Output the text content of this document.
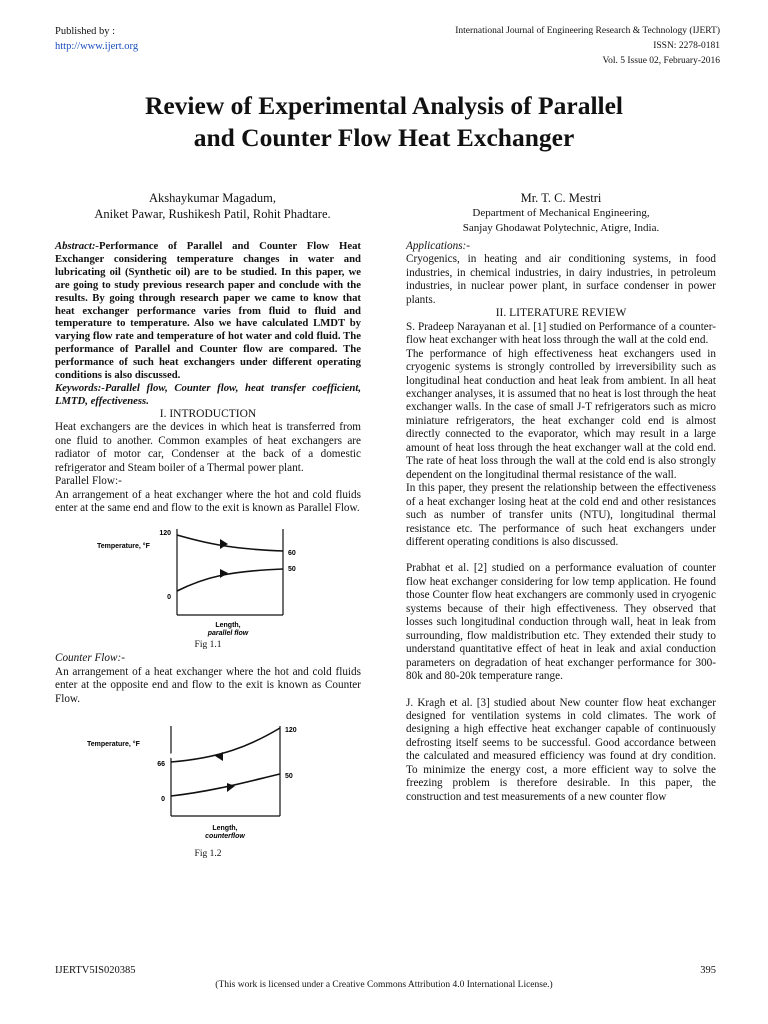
Published by :
http://www.ijert.org
International Journal of Engineering Research & Technology (IJERT)
ISSN: 2278-0181
Vol. 5 Issue 02, February-2016
Review of Experimental Analysis of Parallel
and Counter Flow Heat Exchanger
Akshaykumar Magadum,
Aniket Pawar, Rushikesh Patil, Rohit Phadtare.
Mr. T. C. Mestri
Department of Mechanical Engineering,
Sanjay Ghodawat Polytechnic, Atigre, India.

Abstract:-Performance of Parallel and Counter Flow Heat Exchanger considering temperature changes in water and lubricating oil (Synthetic oil) are to be studied. In this paper, we are going to study previous research paper and conclude with the results. By going through research paper we came to know that heat exchanger performance varies from fluid to fluid and temperature to temperature. Also we have calculated LMDT by varying flow rate and temperature of hot water and cold fluid. The performance of Parallel and Counter flow are compared. The performance of such heat exchangers under different operating conditions is also discussed.

Keywords:-Parallel flow, Counter flow, heat transfer coefficient, LMTD, effectiveness.

I. INTRODUCTION

Heat exchangers are the devices in which heat is transferred from one fluid to another. Common examples of heat exchangers are radiator of motor car, Condenser at the back of a domestic refrigerator and Steam boiler of a Thermal power plant.

Parallel Flow:-

An arrangement of a heat exchanger where the hot and cold fluids enter at the same end and flow to the exit is known as Parallel Flow.

Temperature, °F
120
0
60
50
Length,
parallel flow
Fig 1.1

Counter Flow:-

An arrangement of a heat exchanger where the hot and cold fluids enter at the opposite end and flow to the exit is known as Counter Flow.

Temperature, °F
66
0
120
50
Length,
counterflow
Fig 1.2

Applications:-

Cryogenics, in heating and air conditioning systems, in food industries, in chemical industries, in dairy industries, in petroleum industries, in nuclear power plant, in surface condenser in power plants.

II. LITERATURE REVIEW

S. Pradeep Narayanan et al. [1] studied on Performance of a counter-flow heat exchanger with heat loss through the wall at the cold end.

The performance of high effectiveness heat exchangers used in cryogenic systems is strongly controlled by irreversibility such as longitudinal heat conduction and heat leak from ambient. In all heat exchanger analyses, it is assumed that no heat is lost through the heat exchanger walls. In the case of small J-T refrigerators such as micro miniature refrigerators, the heat exchanger cold end is almost directly connected to the evaporator, which may result in a large amount of heat loss through the heat exchanger wall at the cold end. The rate of heat loss through the wall at the cold end is also strongly dependent on the longitudinal thermal resistance of the wall.

In this paper, they present the relationship between the effectiveness of a heat exchanger losing heat at the cold end and other resistances such as number of transfer units (NTU), longitudinal thermal resistance etc. The performance of such heat exchangers under different operating conditions is also discussed.

Prabhat et al. [2] studied on a performance evaluation of counter flow heat exchanger considering for low temp application. He found those Counter flow heat exchangers are commonly used in cryogenic systems because of their high effectiveness. They observed that losses such longitudinal conduction through wall, heat in leak from surrounding, flow maldistribution etc. They extended their study to understand quantitative effect of heat in leak and axial conduction parameters on degradation of heat exchanger performance for 300-80k and 80-20k temperature range.

J. Kragh et al. [3] studied about New counter flow heat exchanger designed for ventilation systems in cold climates. The work of designing a high effective heat exchanger capable of continuously defrosting itself seems to be successful. Good accordance between the calculated and measured efficiency was found at dry condition. To minimize the energy cost, a more efficient way to solve the freezing problem is therefore desirable. In this paper, the construction and test measurements of a new counter flow

IJERTV5IS020385	395
(This work is licensed under a Creative Commons Attribution 4.0 International License.)
